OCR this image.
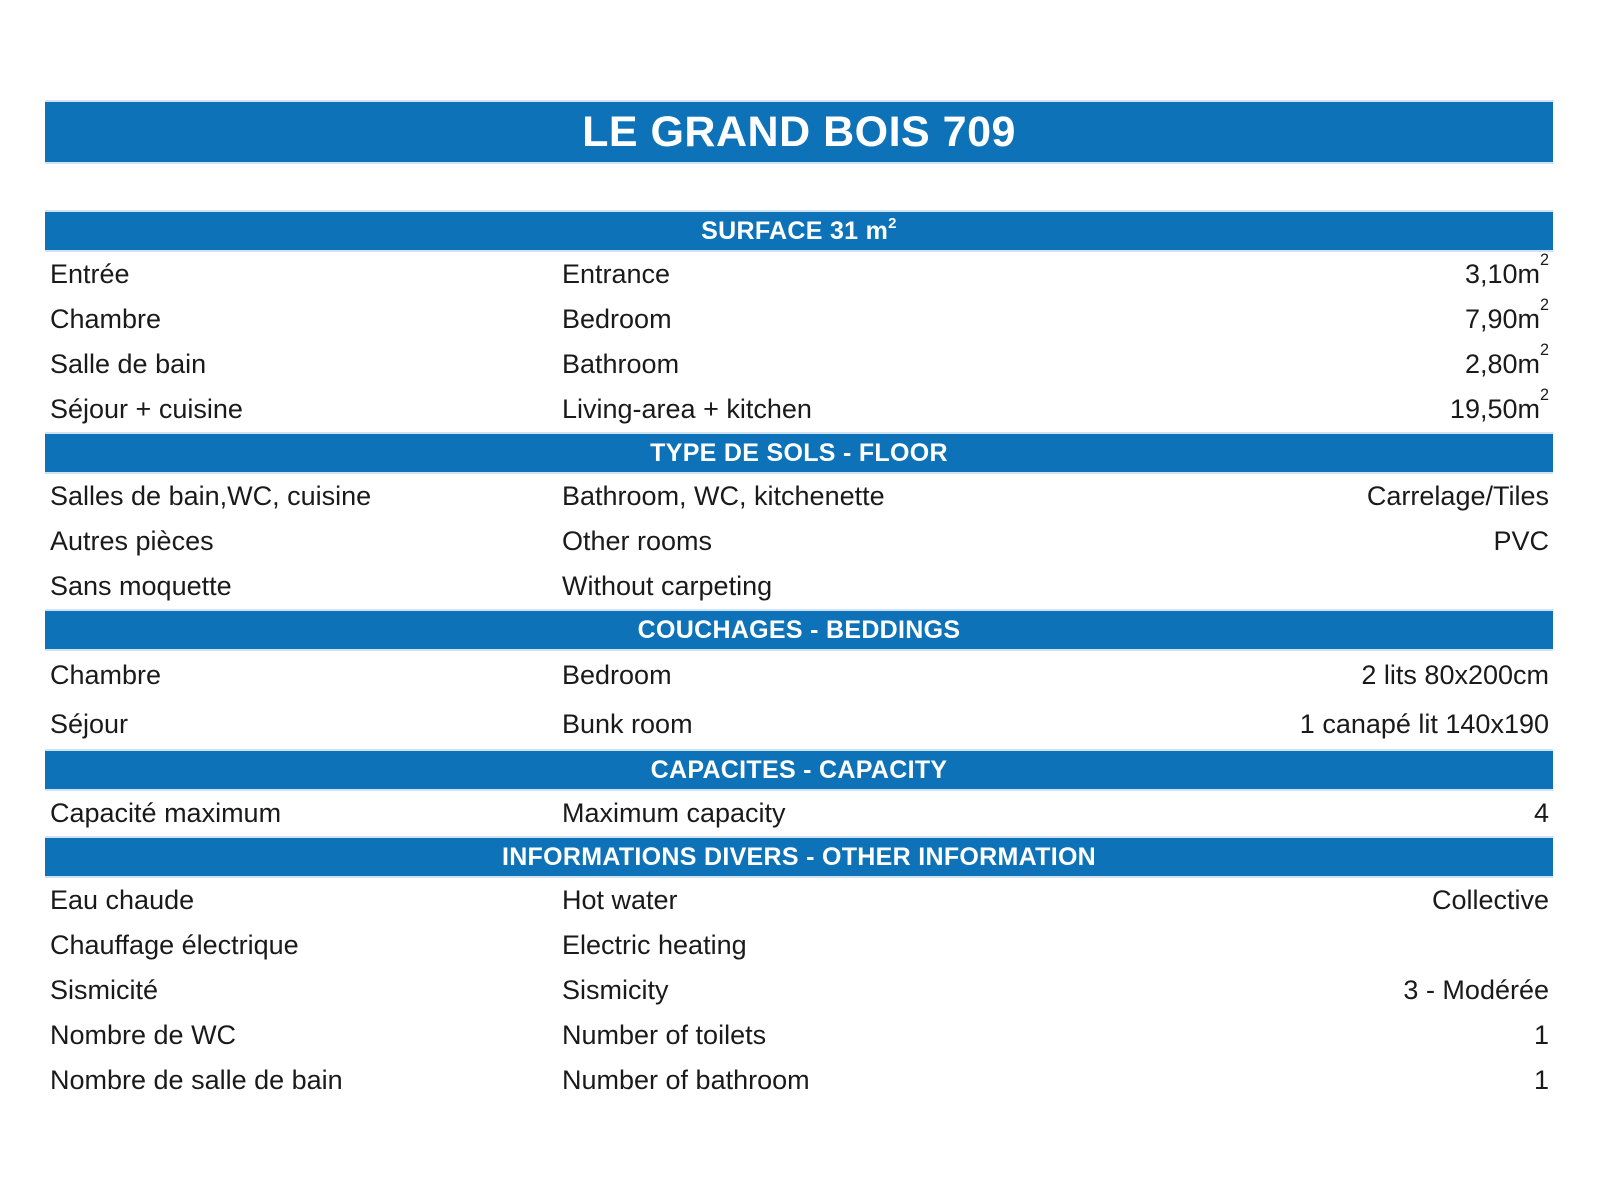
LE GRAND BOIS 709
SURFACE 31 $m^2$
Entrée	Entrance	$3,10m^2$
Chambre	Bedroom	$7,90m^2$
Salle de bain	Bathroom	$2,80m^2$
Séjour + cuisine	Living-area + kitchen	$19,50m^2$
TYPE DE SOLS - FLOOR
Salles de bain,WC, cuisine	Bathroom, WC, kitchenette	Carrelage/Tiles
Autres pièces	Other rooms	PVC
Sans moquette	Without carpeting
COUCHAGES - BEDDINGS
Chambre	Bedroom	2 lits 80x200cm
Séjour	Bunk room	1 canapé lit 140x190
CAPACITES - CAPACITY
Capacité maximum	Maximum capacity	4
INFORMATIONS DIVERS - OTHER INFORMATION
Eau chaude	Hot water	Collective
Chauffage électrique	Electric heating
Sismicité	Sismicity	3 - Modérée
Nombre de WC	Number of toilets	1
Nombre de salle de bain	Number of bathroom	1
